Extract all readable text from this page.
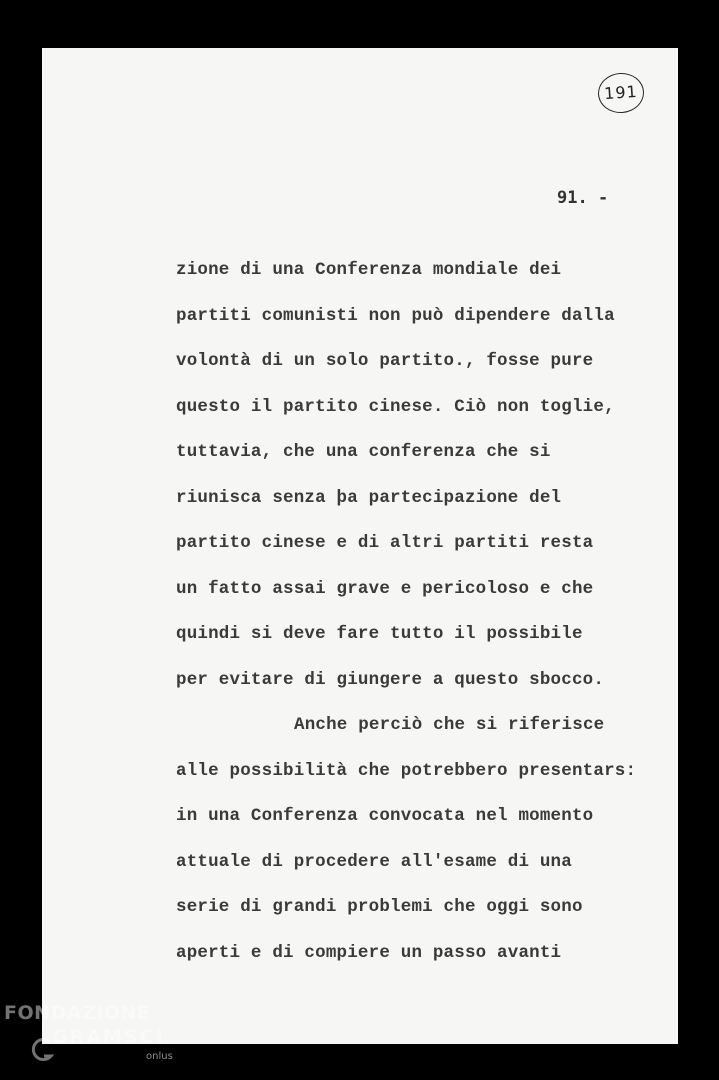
191
91. -
zione di una Conferenza mondiale dei
partiti comunisti non può dipendere dalla
volontà di un solo partito., fosse pure
questo il partito cinese. Ciò non toglie,
tuttavia, che una conferenza che si
riunisca senza þa partecipazione del
partito cinese e di altri partiti resta
un fatto assai grave e pericoloso e che
quindi si deve fare tutto il possibile
per evitare di giungere a questo sbocco.
Anche perciò che si riferisce
alle possibilità che potrebbero presentars:
in una Conferenza convocata nel momento
attuale di procedere all'esame di una
serie di grandi problemi che oggi sono
aperti e di compiere un passo avanti
FONDAZIONE
GRAMSCI
onlus
